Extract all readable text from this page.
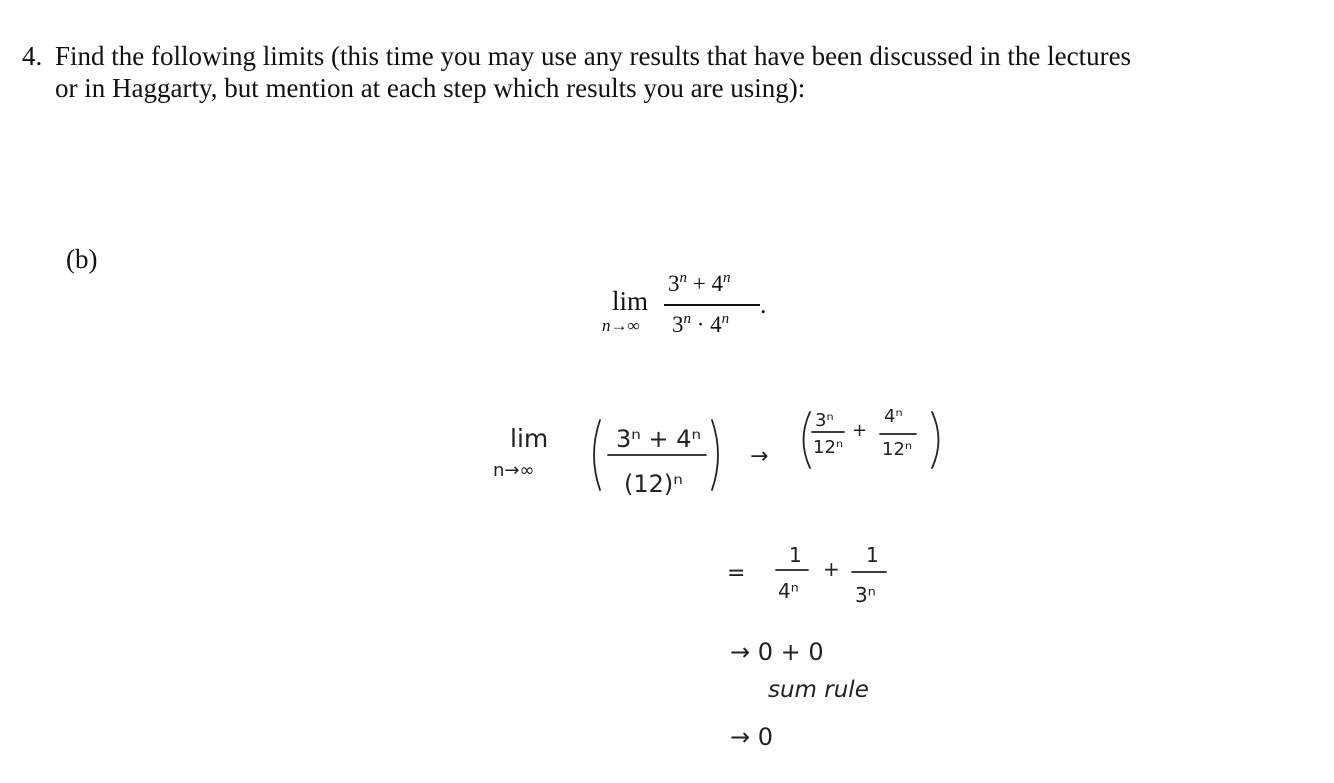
4. Find the following limits (this time you may use any results that have been discussed in the lectures
or in Haggarty, but mention at each step which results you are using):
(b)
lim
n→∞
$3^n + 4^n$
$3^n \cdot 4^n$ .
lim
n→∞
3ⁿ + 4ⁿ
(12)ⁿ
→
3ⁿ
12ⁿ
+
4ⁿ
12ⁿ
=
1
4ⁿ
+
1
3ⁿ
→ 0 + 0
sum rule
→ 0
